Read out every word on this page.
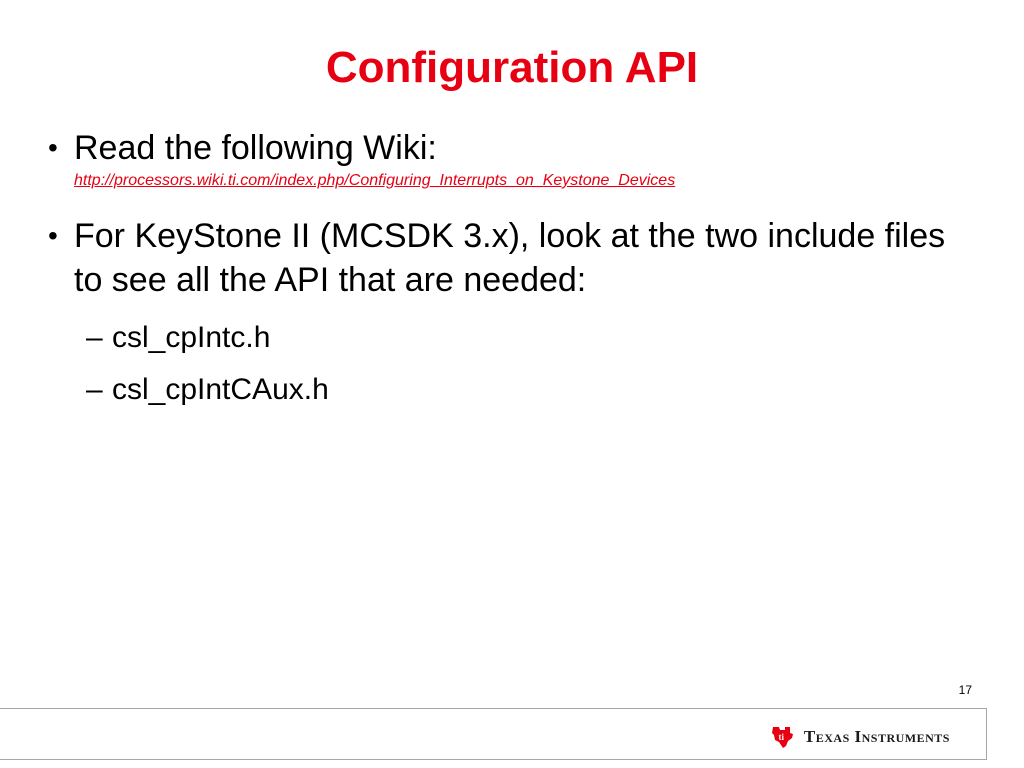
Configuration API
• Read the following Wiki:
http://processors.wiki.ti.com/index.php/Configuring_Interrupts_on_Keystone_Devices
• For KeyStone II (MCSDK 3.x), look at the two include files to see all the API that are needed:
– csl_cpIntc.h
– csl_cpIntCAux.h
17
ti Texas Instruments
